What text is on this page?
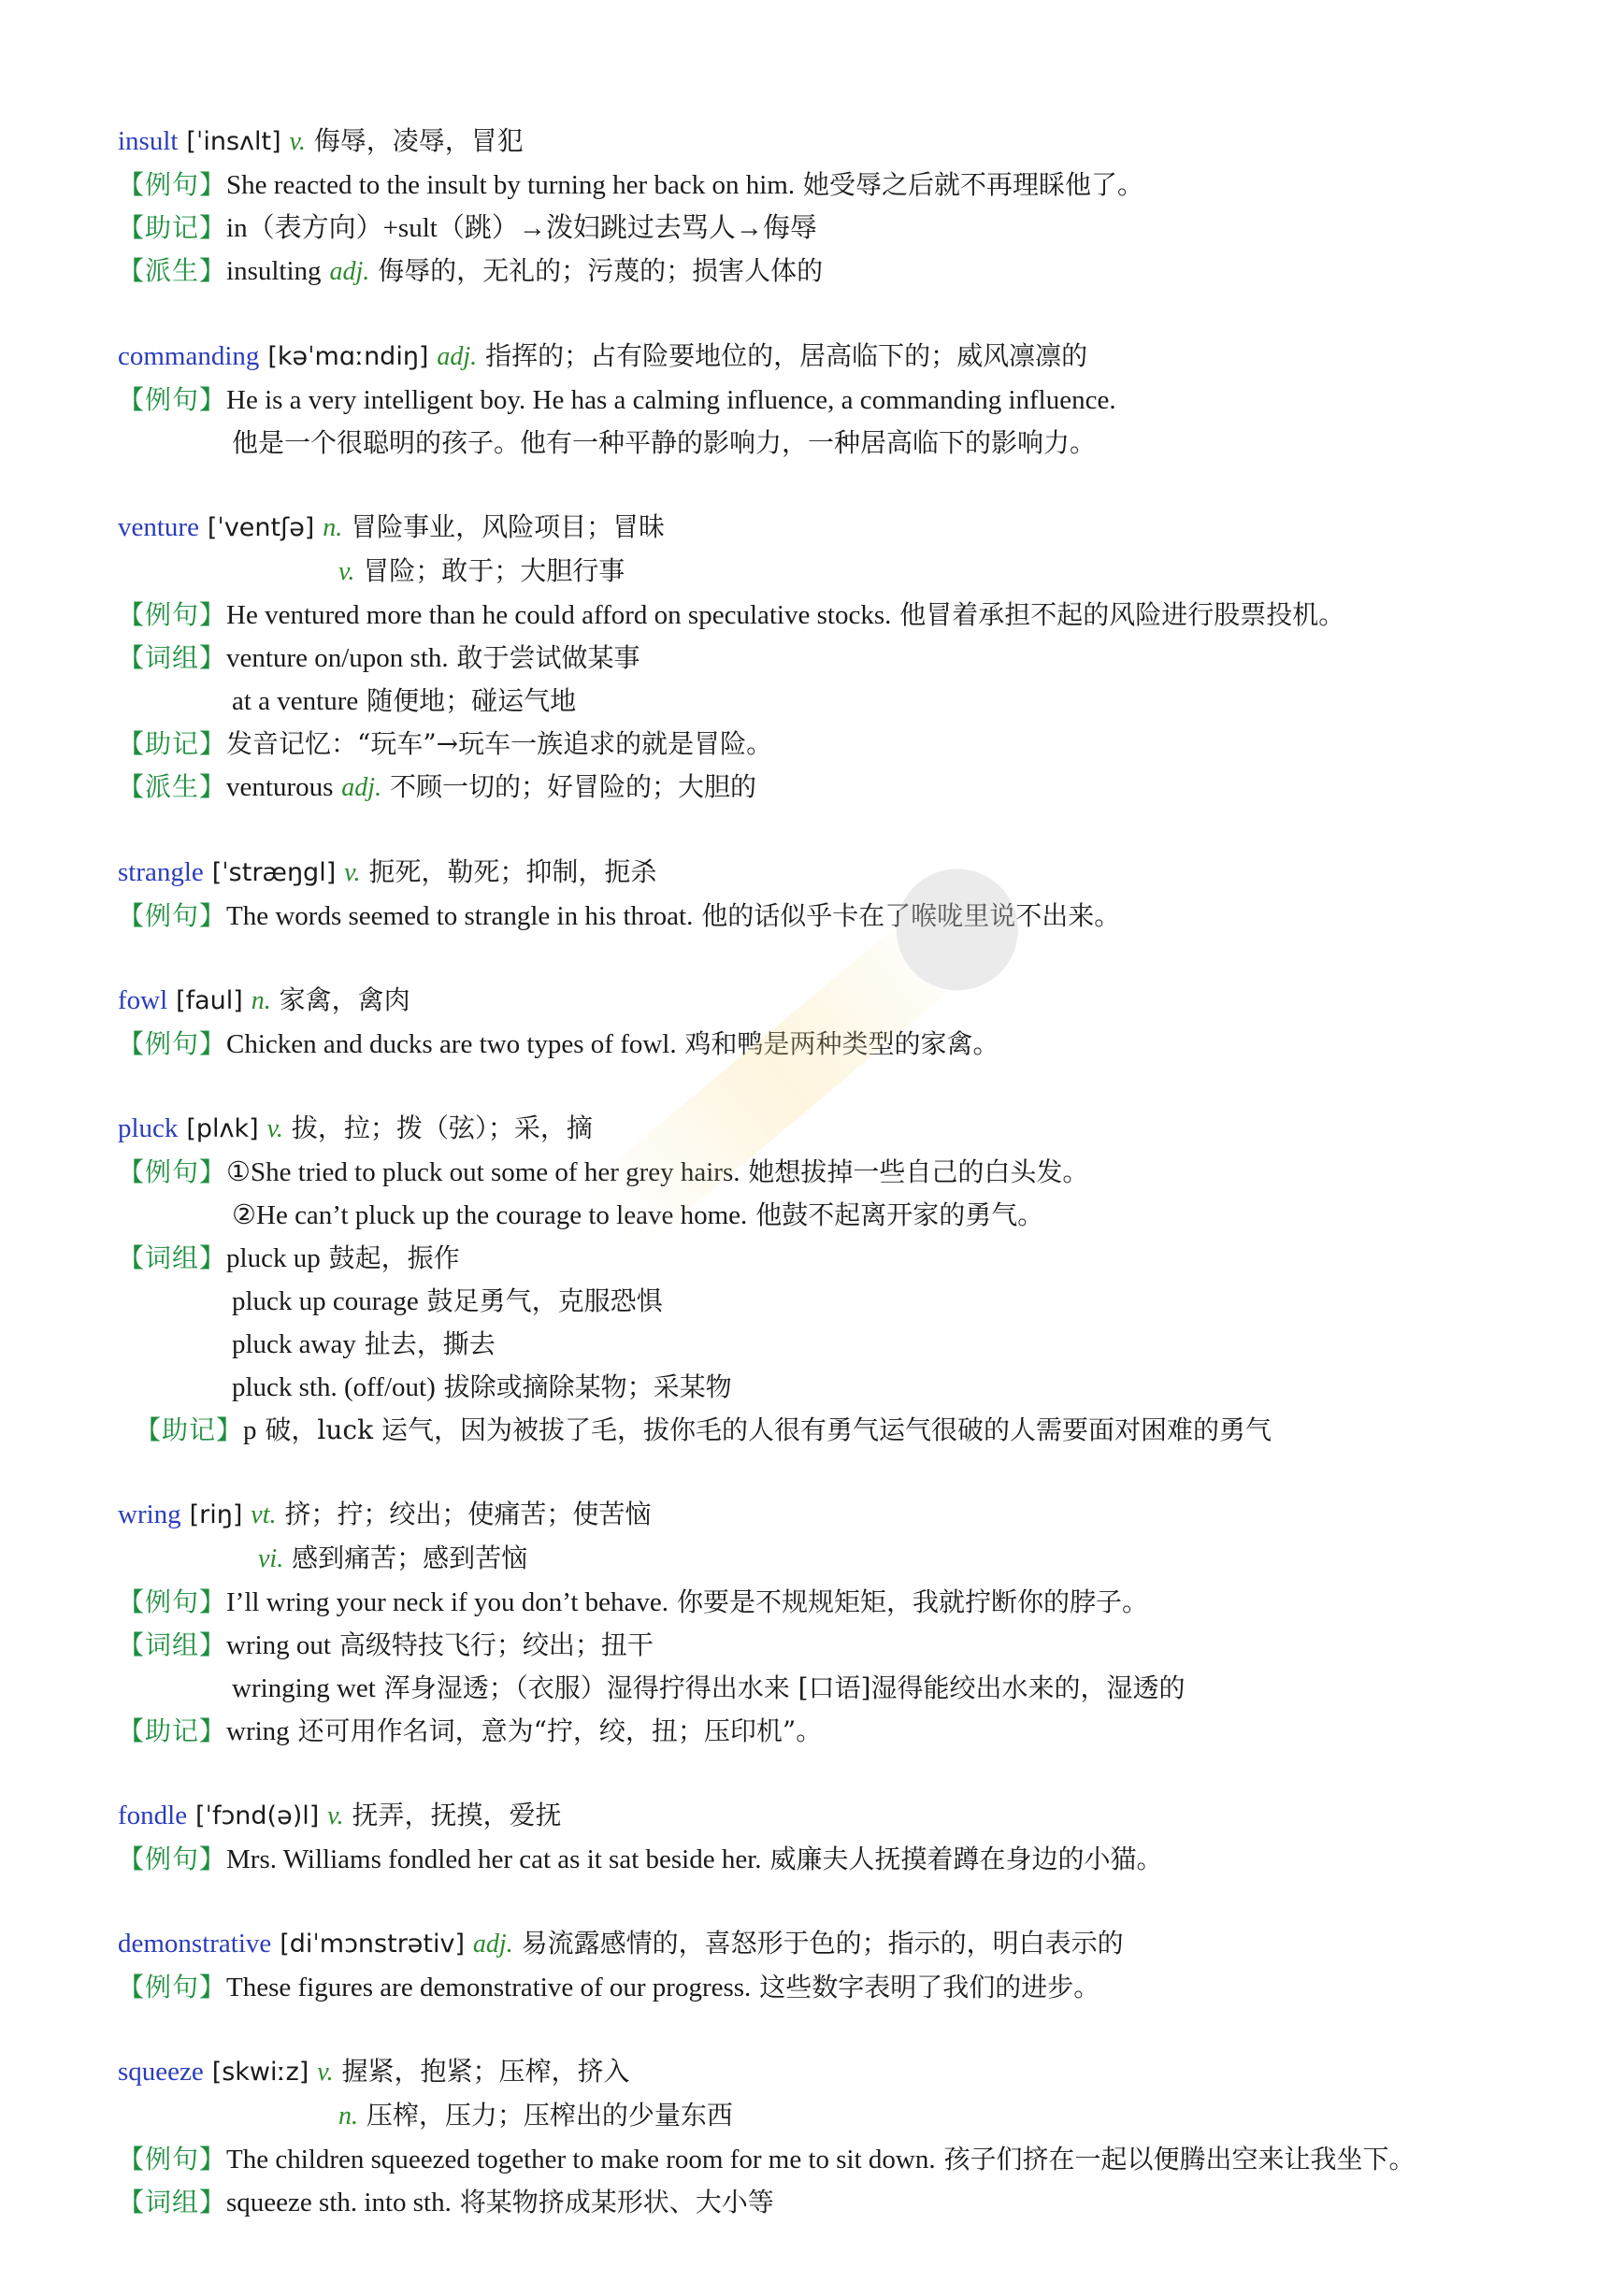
insult [ˈinsʌlt] v. 侮辱，凌辱，冒犯
【例句】She reacted to the insult by turning her back on him. 她受辱之后就不再理睬他了。
【助记】in（表方向）+sult（跳）→泼妇跳过去骂人→侮辱
【派生】insulting adj. 侮辱的，无礼的；污蔑的；损害人体的
commanding [kəˈmɑːndiŋ] adj. 指挥的；占有险要地位的，居高临下的；威风凛凛的
【例句】He is a very intelligent boy. He has a calming influence, a commanding influence.
他是一个很聪明的孩子。他有一种平静的影响力，一种居高临下的影响力。
venture [ˈventʃə] n. 冒险事业，风险项目；冒昧
v. 冒险；敢于；大胆行事
【例句】He ventured more than he could afford on speculative stocks. 他冒着承担不起的风险进行股票投机。
【词组】venture on/upon sth. 敢于尝试做某事
at a venture 随便地；碰运气地
【助记】发音记忆：“玩车”→玩车一族追求的就是冒险。
【派生】venturous adj. 不顾一切的；好冒险的；大胆的
strangle [ˈstræŋgl] v. 扼死，勒死；抑制，扼杀
【例句】The words seemed to strangle in his throat. 他的话似乎卡在了喉咙里说不出来。
fowl [faul] n. 家禽，禽肉
【例句】Chicken and ducks are two types of fowl. 鸡和鸭是两种类型的家禽。
pluck [plʌk] v. 拔，拉；拨（弦）；采，摘
【例句】①She tried to pluck out some of her grey hairs. 她想拔掉一些自己的白头发。
②He can’t pluck up the courage to leave home. 他鼓不起离开家的勇气。
【词组】pluck up 鼓起，振作
pluck up courage 鼓足勇气，克服恐惧
pluck away 扯去，撕去
pluck sth. (off/out) 拔除或摘除某物；采某物
【助记】p 破，luck 运气，因为被拔了毛，拔你毛的人很有勇气运气很破的人需要面对困难的勇气
wring [riŋ] vt. 挤；拧；绞出；使痛苦；使苦恼
vi. 感到痛苦；感到苦恼
【例句】I’ll wring your neck if you don’t behave. 你要是不规规矩矩，我就拧断你的脖子。
【词组】wring out 高级特技飞行；绞出；扭干
wringing wet 浑身湿透；（衣服）湿得拧得出水来 [口语]湿得能绞出水来的，湿透的
【助记】wring 还可用作名词，意为“拧，绞，扭；压印机”。
fondle [ˈfɔnd(ə)l] v. 抚弄，抚摸，爱抚
【例句】Mrs. Williams fondled her cat as it sat beside her. 威廉夫人抚摸着蹲在身边的小猫。
demonstrative [diˈmɔnstrətiv] adj. 易流露感情的，喜怒形于色的；指示的，明白表示的
【例句】These figures are demonstrative of our progress. 这些数字表明了我们的进步。
squeeze [skwiːz] v. 握紧，抱紧；压榨，挤入
n. 压榨，压力；压榨出的少量东西
【例句】The children squeezed together to make room for me to sit down. 孩子们挤在一起以便腾出空来让我坐下。
【词组】squeeze sth. into sth. 将某物挤成某形状、大小等
